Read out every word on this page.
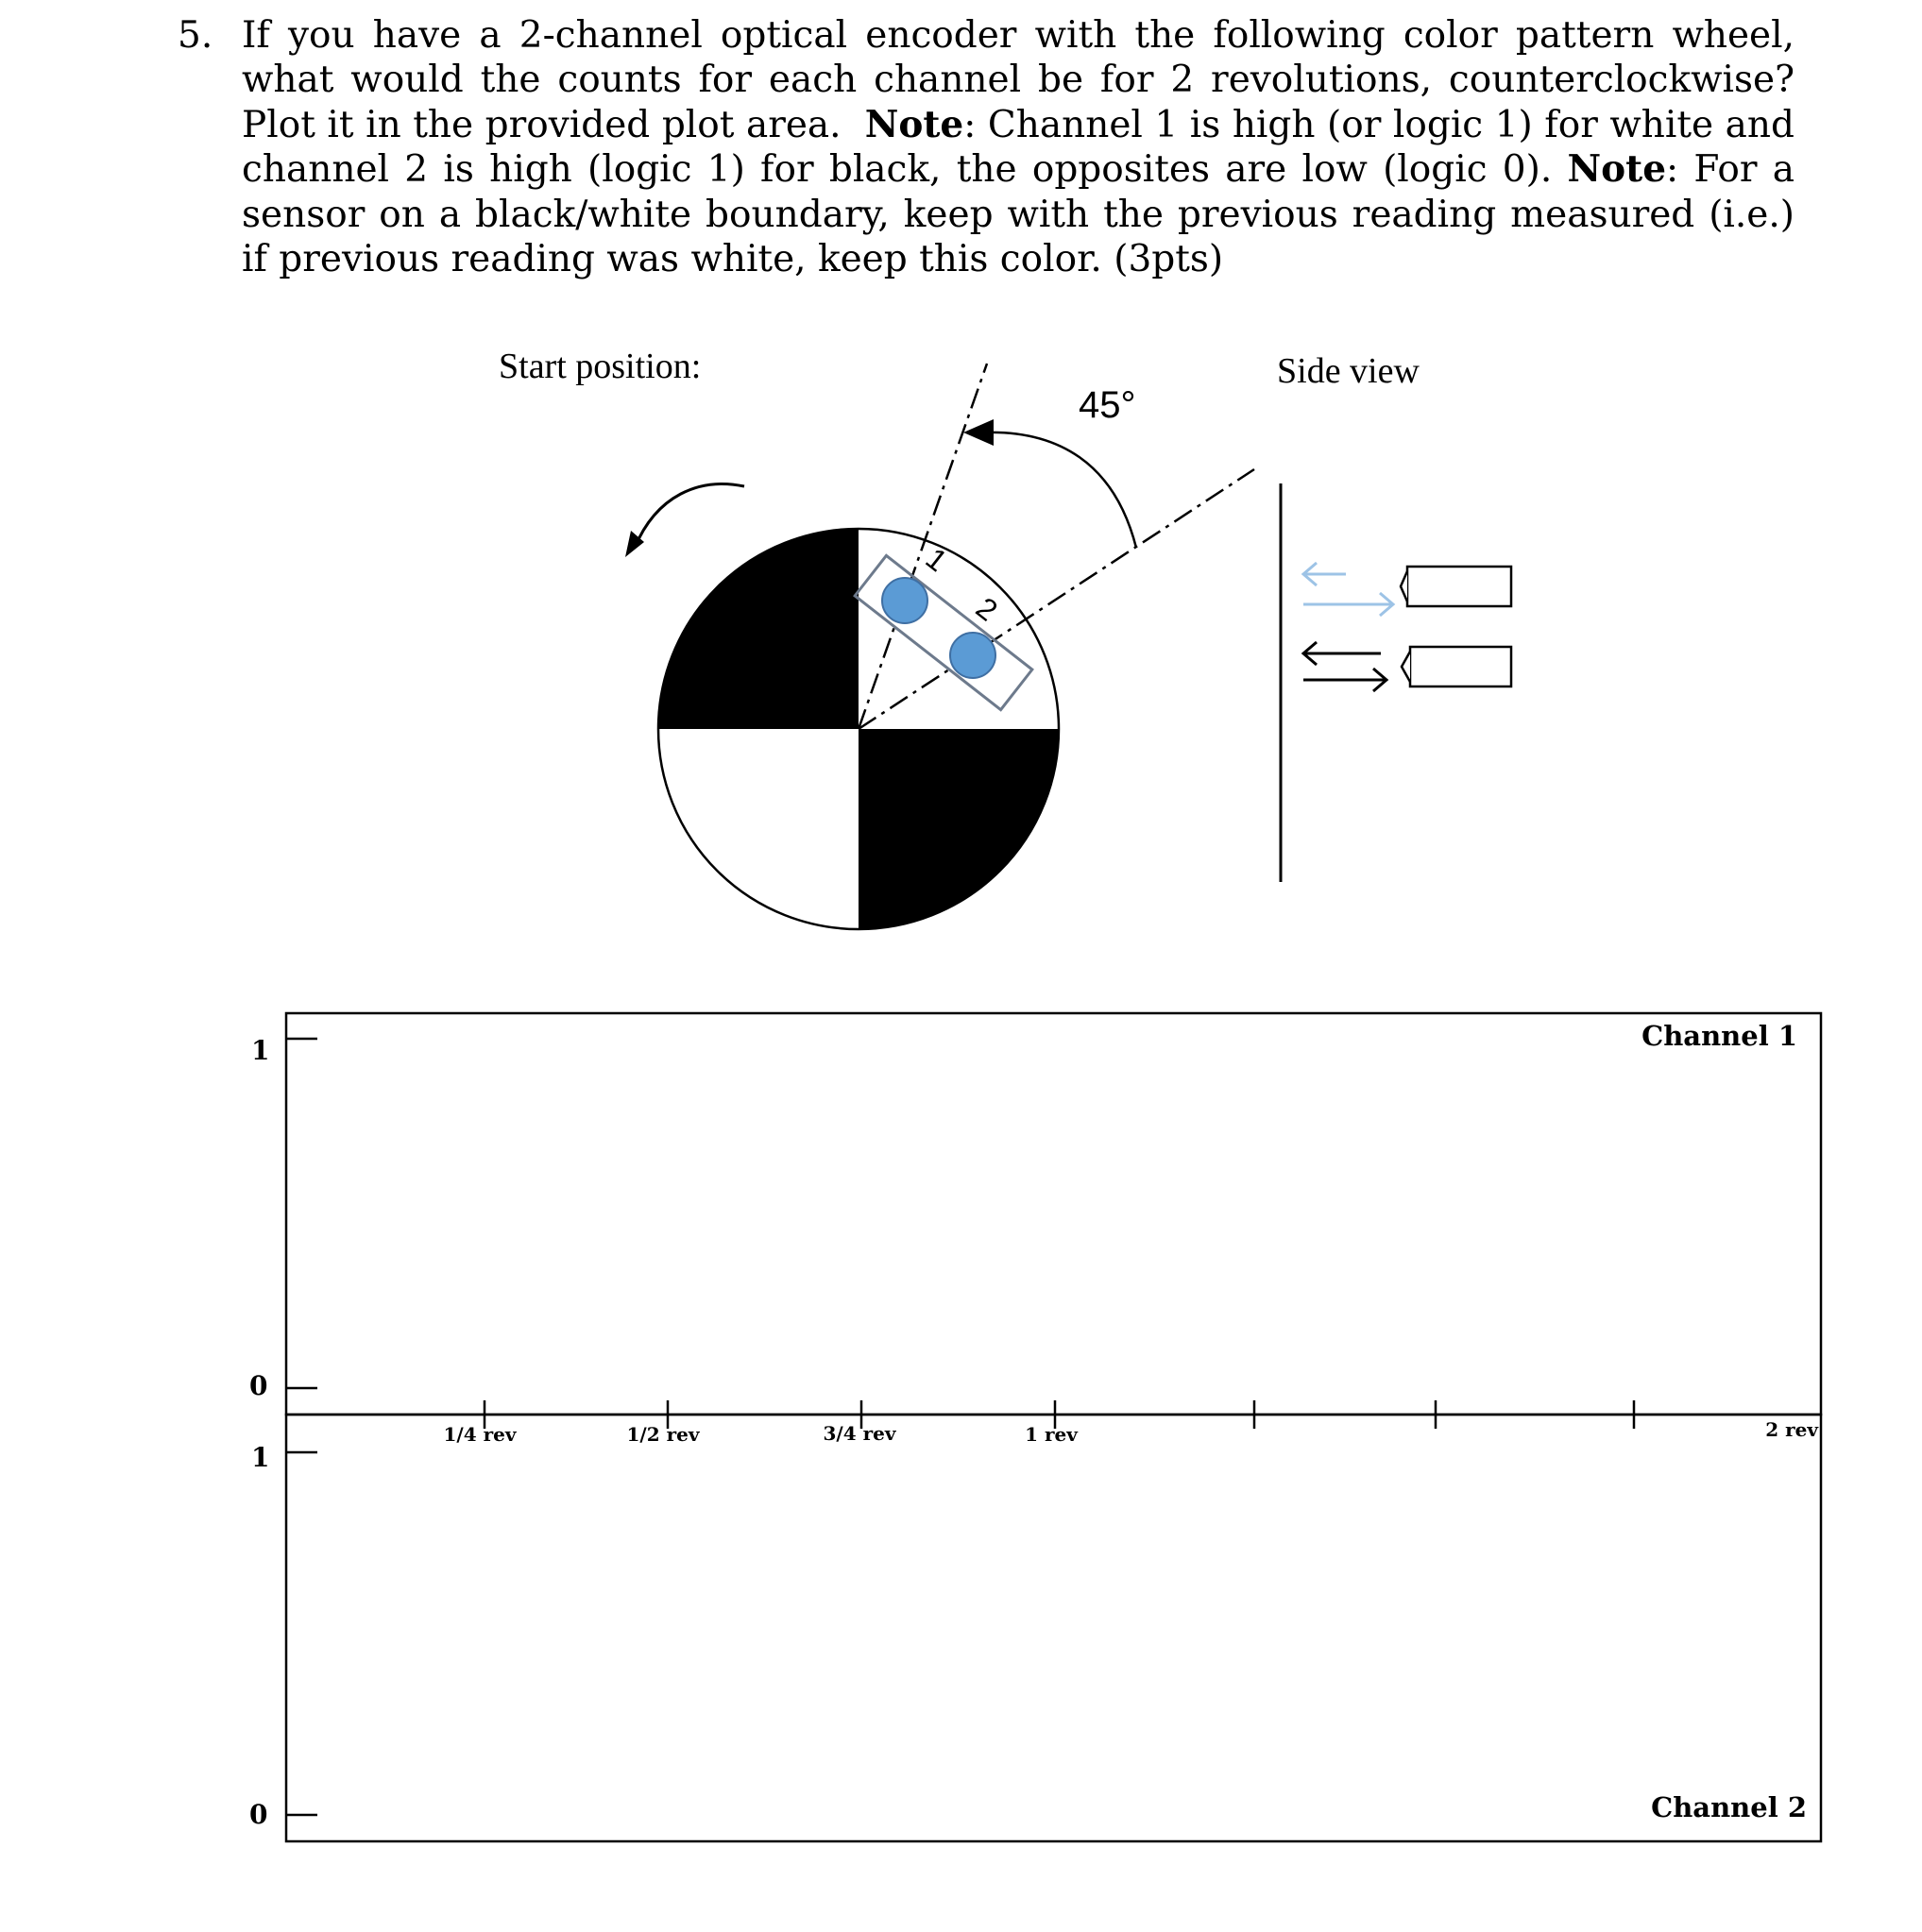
5. If you have a 2-channel optical encoder with the following color pattern wheel, what would the counts for each channel be for 2 revolutions, counterclockwise? Plot it in the provided plot area. Note: Channel 1 is high (or logic 1) for white and channel 2 is high (logic 1) for black, the opposites are low (logic 0). Note: For a sensor on a black/white boundary, keep with the previous reading measured (i.e.) if previous reading was white, keep this color. (3pts)
Start position:	Side view
45°
1
2
1
0
Channel 1
1/4 rev	1/2 rev	3/4 rev	1 rev	2 rev
1
0	Channel 2
